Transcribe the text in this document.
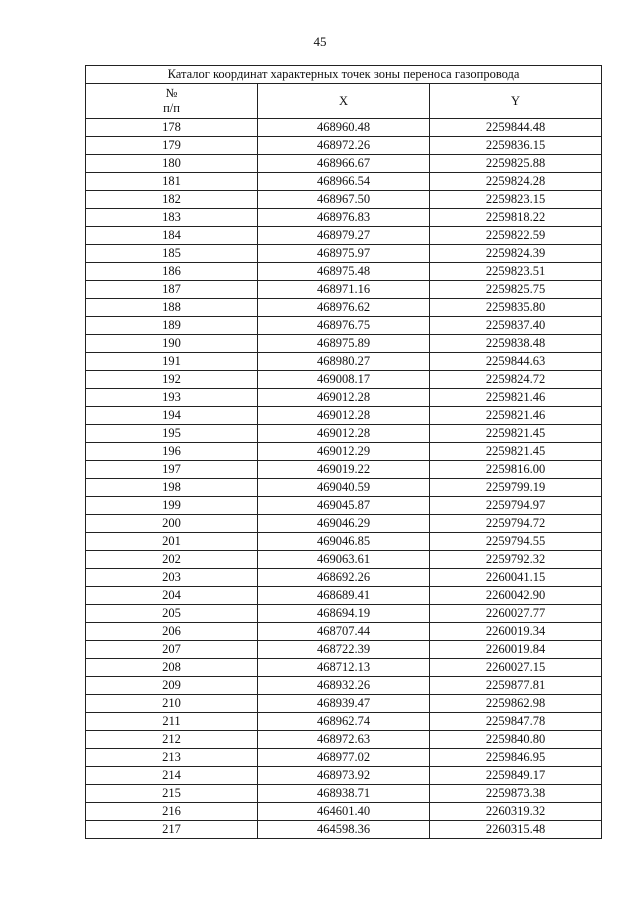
45
Каталог координат характерных точек зоны переноса газопровода		

№
п/п	X	Y
178	468960.48	2259844.48
179	468972.26	2259836.15
180	468966.67	2259825.88
181	468966.54	2259824.28
182	468967.50	2259823.15
183	468976.83	2259818.22
184	468979.27	2259822.59
185	468975.97	2259824.39
186	468975.48	2259823.51
187	468971.16	2259825.75
188	468976.62	2259835.80
189	468976.75	2259837.40
190	468975.89	2259838.48
191	468980.27	2259844.63
192	469008.17	2259824.72
193	469012.28	2259821.46
194	469012.28	2259821.46
195	469012.28	2259821.45
196	469012.29	2259821.45
197	469019.22	2259816.00
198	469040.59	2259799.19
199	469045.87	2259794.97
200	469046.29	2259794.72
201	469046.85	2259794.55
202	469063.61	2259792.32
203	468692.26	2260041.15
204	468689.41	2260042.90
205	468694.19	2260027.77
206	468707.44	2260019.34
207	468722.39	2260019.84
208	468712.13	2260027.15
209	468932.26	2259877.81
210	468939.47	2259862.98
211	468962.74	2259847.78
212	468972.63	2259840.80
213	468977.02	2259846.95
214	468973.92	2259849.17
215	468938.71	2259873.38
216	464601.40	2260319.32
217	464598.36	2260315.48
